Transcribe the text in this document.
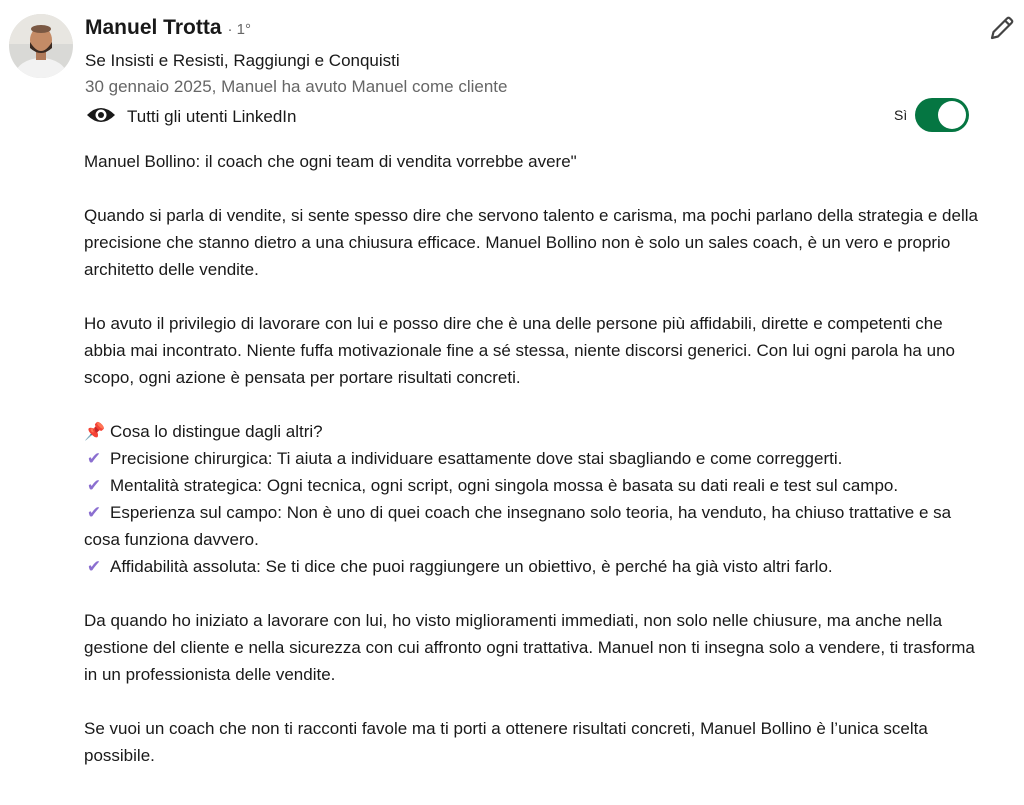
Manuel Trotta · 1°
Se Insisti e Resisti, Raggiungi e Conquisti
30 gennaio 2025, Manuel ha avuto Manuel come cliente
Tutti gli utenti LinkedIn	Sì

Manuel Bollino: il coach che ogni team di vendita vorrebbe avere"

Quando si parla di vendite, si sente spesso dire che servono talento e carisma, ma pochi parlano della strategia e della precisione che stanno dietro a una chiusura efficace. Manuel Bollino non è solo un sales coach, è un vero e proprio architetto delle vendite.

Ho avuto il privilegio di lavorare con lui e posso dire che è una delle persone più affidabili, dirette e competenti che abbia mai incontrato. Niente fuffa motivazionale fine a sé stessa, niente discorsi generici. Con lui ogni parola ha uno scopo, ogni azione è pensata per portare risultati concreti.

📌 Cosa lo distingue dagli altri?

✔ Precisione chirurgica: Ti aiuta a individuare esattamente dove stai sbagliando e come correggerti.

✔ Mentalità strategica: Ogni tecnica, ogni script, ogni singola mossa è basata su dati reali e test sul campo.

✔ Esperienza sul campo: Non è uno di quei coach che insegnano solo teoria, ha venduto, ha chiuso trattative e sa cosa funziona davvero.

✔ Affidabilità assoluta: Se ti dice che puoi raggiungere un obiettivo, è perché ha già visto altri farlo.

Da quando ho iniziato a lavorare con lui, ho visto miglioramenti immediati, non solo nelle chiusure, ma anche nella gestione del cliente e nella sicurezza con cui affronto ogni trattativa. Manuel non ti insegna solo a vendere, ti trasforma in un professionista delle vendite.

Se vuoi un coach che non ti racconti favole ma ti porti a ottenere risultati concreti, Manuel Bollino è l’unica scelta possibile.
